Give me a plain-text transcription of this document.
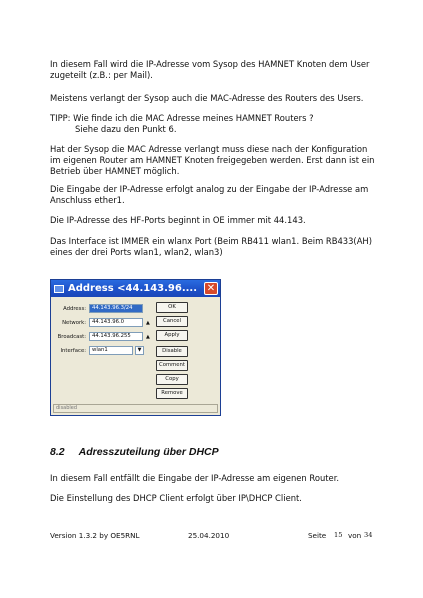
In diesem Fall wird die IP-Adresse vom Sysop des HAMNET Knoten dem User zugeteilt (z.B.: per Mail).

Meistens verlangt der Sysop auch die MAC-Adresse des Routers des Users.

TIPP: Wie finde ich die MAC Adresse meines HAMNET Routers ?

Siehe dazu den Punkt 6.

Hat der Sysop die MAC Adresse verlangt muss diese nach der Konfiguration im eigenen Router am HAMNET Knoten freigegeben werden. Erst dann ist ein Betrieb über HAMNET möglich.

Die Eingabe der IP-Adresse erfolgt analog zu der Eingabe der IP-Adresse am Anschluss ether1.

Die IP-Adresse des HF-Ports beginnt in OE immer mit 44.143.

Das Interface ist IMMER ein wlanx Port (Beim RB411 wlan1. Beim RB433(AH) eines der drei Ports wlan1, wlan2, wlan3)

Address <44.143.96.... ✕
Address:	44.143.96.3/24
Network:	44.143.96.0	▲
Broadcast:	44.143.96.255	▲
Interface:	wlan1	▼
OK
Cancel
Apply
Disable
Comment
Copy
Remove
disabled
8.2 Adresszuteilung über DHCP

In diesem Fall entfällt die Eingabe der IP-Adresse am eigenen Router.

Die Einstellung des DHCP Client erfolgt über IP\DHCP Client.

Version 1.3.2 by OE5RNL	25.04.2010	Seite 15 von 34
